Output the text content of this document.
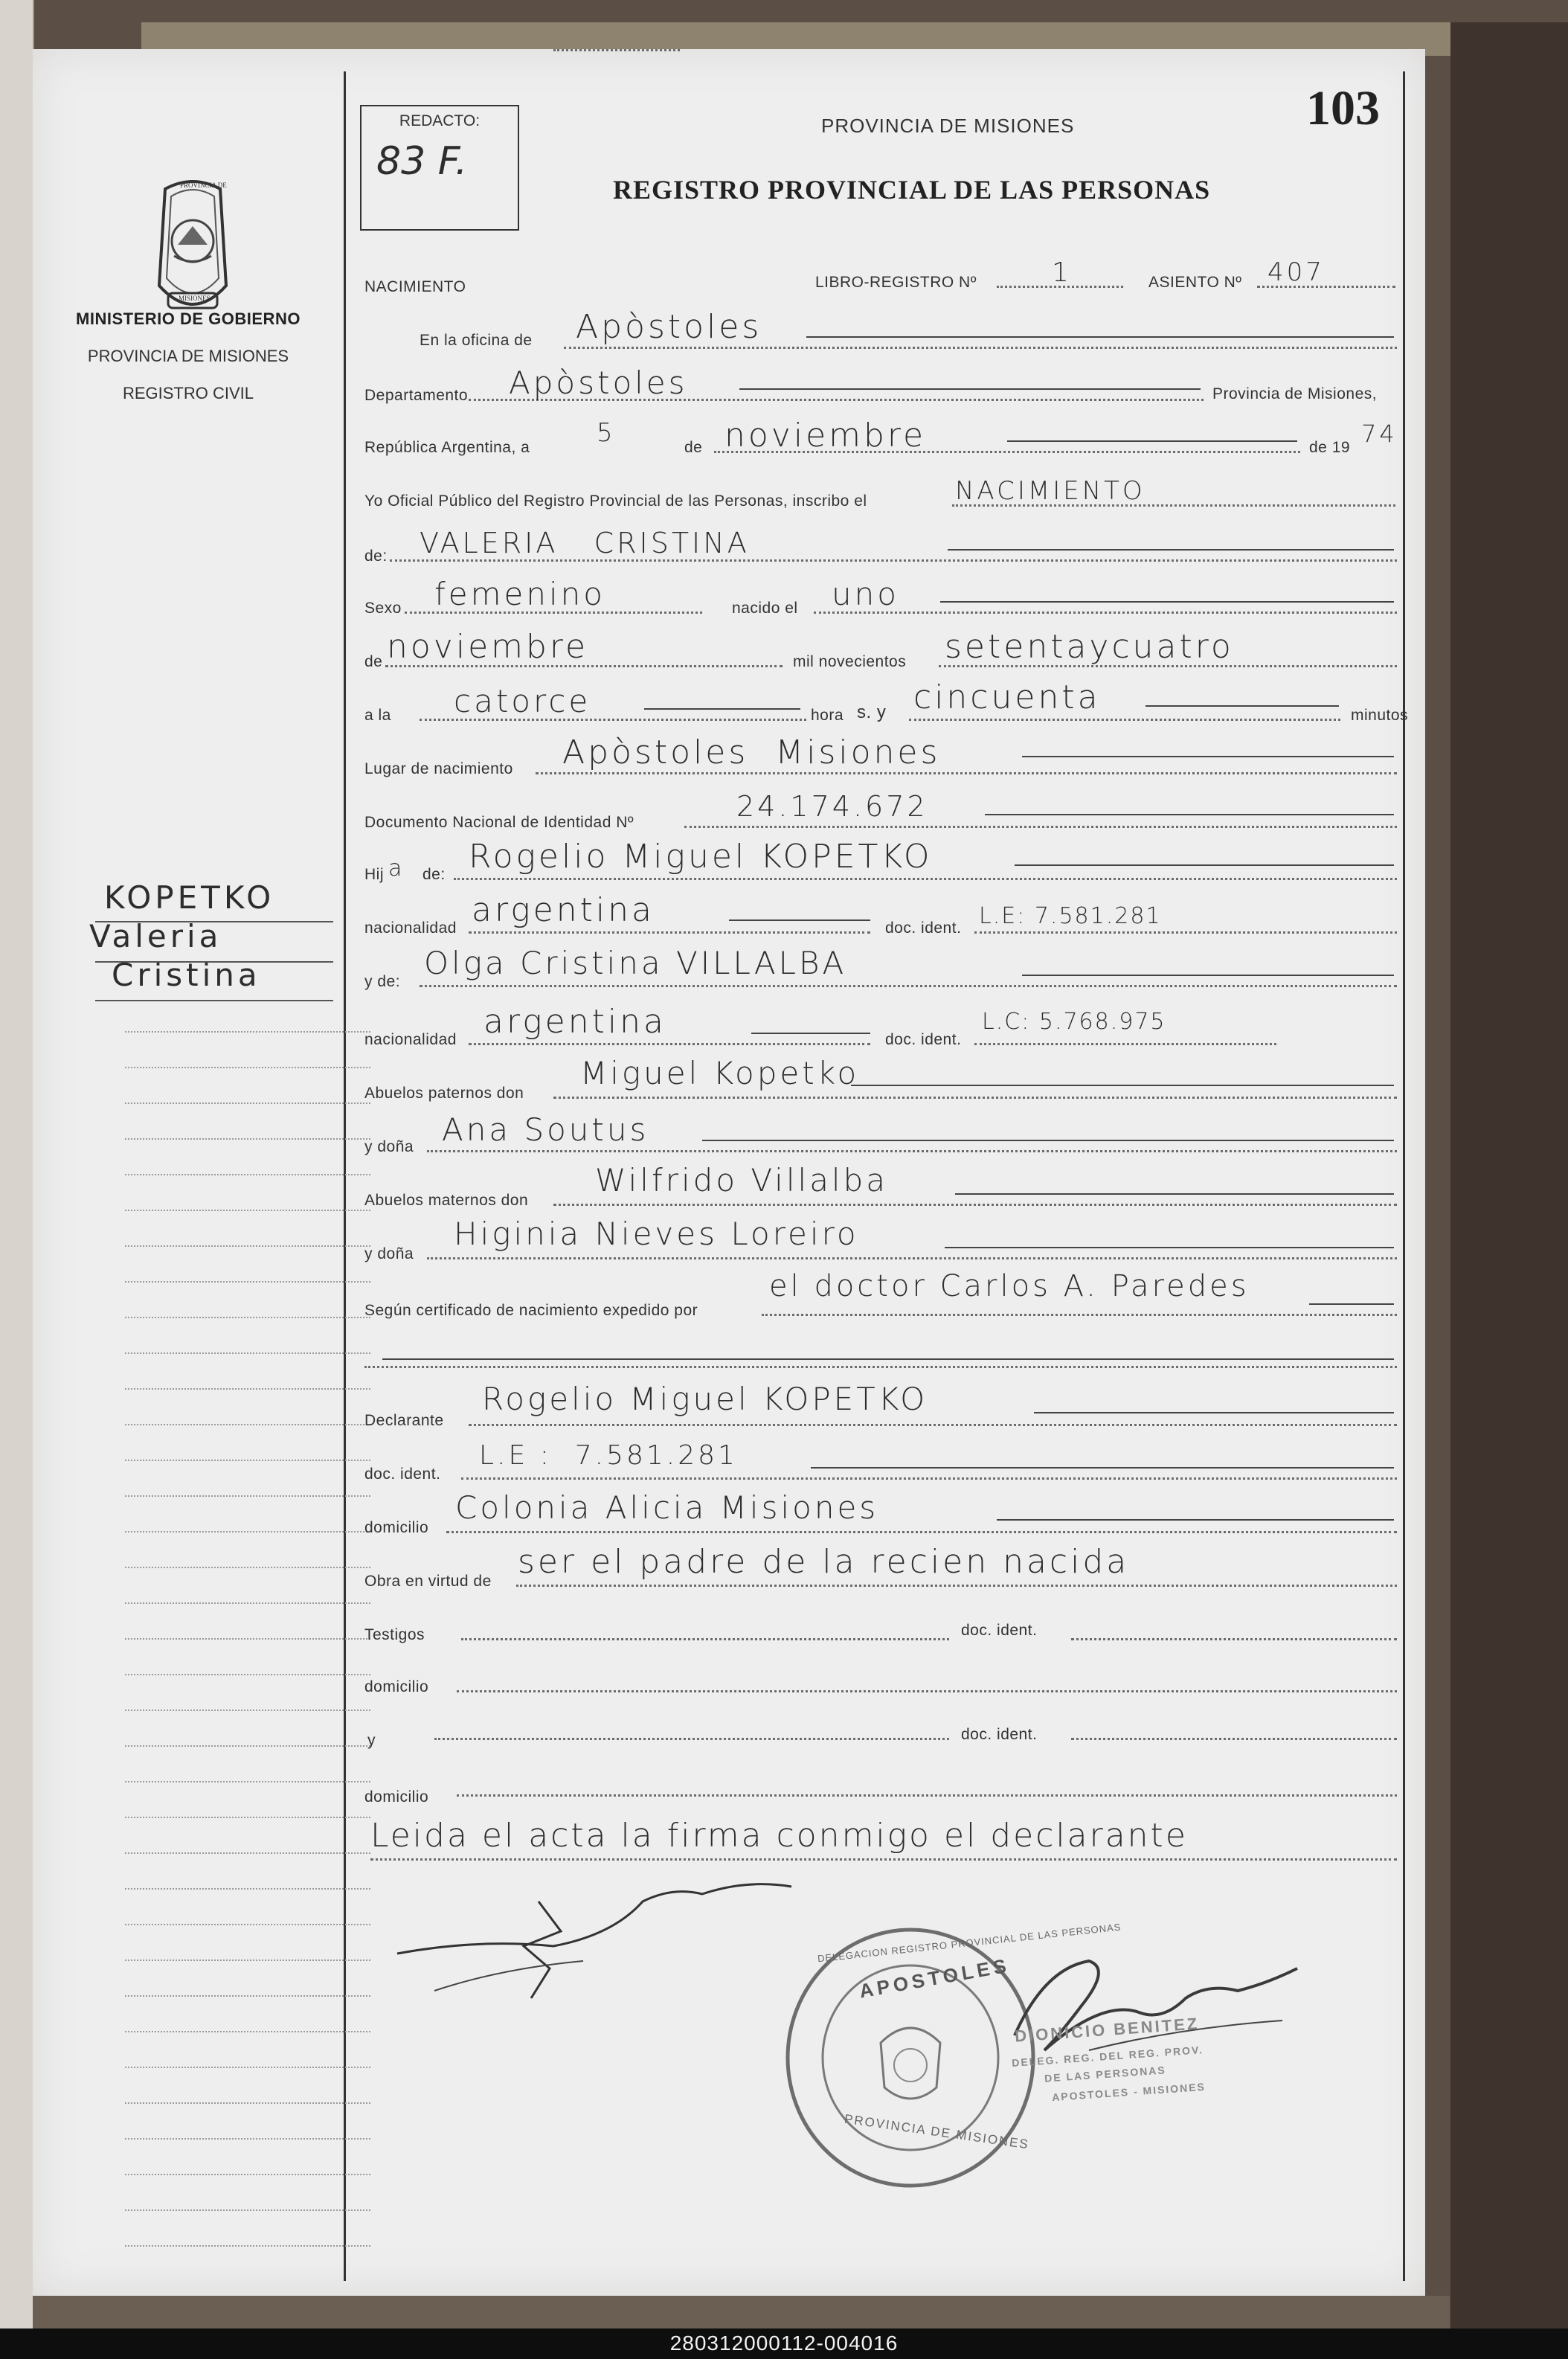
PROVINCIA DE
MISIONES
MINISTERIO DE GOBIERNO
PROVINCIA DE MISIONES
REGISTRO CIVIL
KOPETKO
Valeria
Cristina
REDACTO:
83 F.
PROVINCIA DE MISIONES
REGISTRO PROVINCIAL DE LAS PERSONAS
103
NACIMIENTO	LIBRO-REGISTRO Nº	1	ASIENTO Nº 407
En la oficina de Apòstoles
Departamento Apòstoles	Provincia de Misiones,
República Argentina, a	5	de noviembre	de 19 74
Yo Oficial Público del Registro Provincial de las Personas, inscribo el	NACIMIENTO
de: VALERIA   CRISTINA
Sexo femenino	nacido el uno
de noviembre	mil novecientos setentaycuatro
a la catorce	hora s. y cincuenta	minutos
Lugar de nacimiento Apòstoles  Misiones
Documento Nacional de Identidad Nº	24.174.672
Hij a de: Rogelio Miguel KOPETKO
nacionalidad argentina	doc. ident. L.E: 7.581.281
y de:
Olga Cristina VILLALBA
nacionalidad argentina	doc. ident.
L.C: 5.768.975
Abuelos paternos don
Miguel Kopetko
y doña Ana Soutus
Abuelos maternos don
Wilfrido Villalba
y doña
Higinia Nieves Loreiro
Según certificado de nacimiento expedido por
el doctor Carlos A. Paredes
Declarante
Rogelio Miguel KOPETKO
doc. ident.
L.E :  7.581.281
domicilio
Colonia Alicia Misiones
Obra en virtud de
ser el padre de la recien nacida
Testigos	doc. ident.
domicilio
y	doc. ident.
domicilio
Leida el acta la firma conmigo el declarante
APOSTOLES
DELEGACION REGISTRO PROVINCIAL DE LAS PERSONAS
PROVINCIA DE MISIONES
DIONICIO BENITEZ
DELEG. REG. DEL REG. PROV.
DE LAS PERSONAS
APOSTOLES - MISIONES
280312000112-004016
